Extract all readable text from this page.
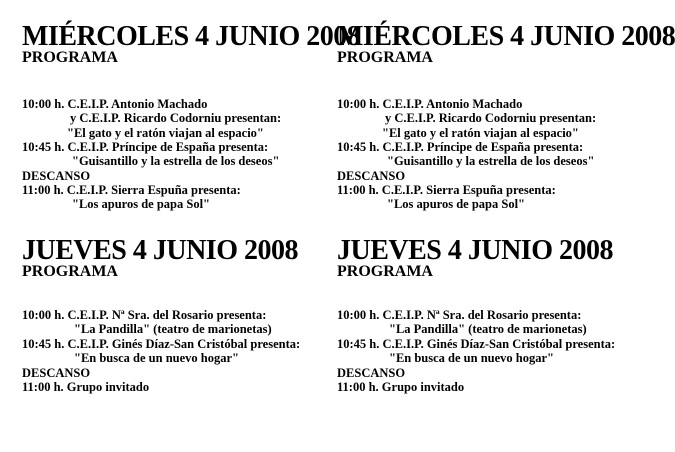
MIÉRCOLES 4 JUNIO 2008
PROGRAMA
10:00 h. C.E.I.P. Antonio Machado
y C.E.I.P. Ricardo Codorniu presentan:
"El gato y el ratón viajan al espacio"
10:45 h. C.E.I.P. Príncipe de España presenta:
"Guisantillo y la estrella de los deseos"
DESCANSO
11:00 h. C.E.I.P. Sierra Espuña presenta:
"Los apuros de papa Sol"
MIÉRCOLES 4 JUNIO 2008
PROGRAMA
10:00 h. C.E.I.P. Antonio Machado
y C.E.I.P. Ricardo Codorniu presentan:
"El gato y el ratón viajan al espacio"
10:45 h. C.E.I.P. Príncipe de España presenta:
"Guisantillo y la estrella de los deseos"
DESCANSO
11:00 h. C.E.I.P. Sierra Espuña presenta:
"Los apuros de papa Sol"
JUEVES 4 JUNIO 2008
PROGRAMA
10:00 h. C.E.I.P. Nª Sra. del Rosario presenta:
"La Pandilla" (teatro de marionetas)
10:45 h. C.E.I.P. Ginés Díaz-San Cristóbal presenta:
"En busca de un nuevo hogar"
DESCANSO
11:00 h. Grupo invitado
JUEVES 4 JUNIO 2008
PROGRAMA
10:00 h. C.E.I.P. Nª Sra. del Rosario presenta:
"La Pandilla" (teatro de marionetas)
10:45 h. C.E.I.P. Ginés Díaz-San Cristóbal presenta:
"En busca de un nuevo hogar"
DESCANSO
11:00 h. Grupo invitado
